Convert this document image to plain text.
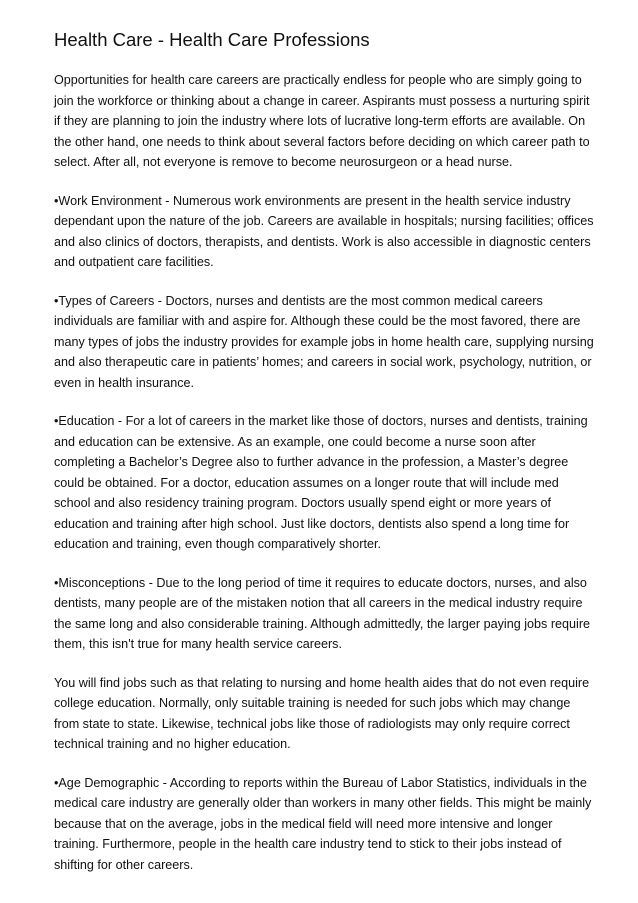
Health Care - Health Care Professions

Opportunities for health care careers are practically endless for people who are simply going to join the workforce or thinking about a change in career. Aspirants must possess a nurturing spirit if they are planning to join the industry where lots of lucrative long-term efforts are available. On the other hand, one needs to think about several factors before deciding on which career path to select. After all, not everyone is remove to become neurosurgeon or a head nurse.

•Work Environment - Numerous work environments are present in the health service industry dependant upon the nature of the job. Careers are available in hospitals; nursing facilities; offices and also clinics of doctors, therapists, and dentists. Work is also accessible in diagnostic centers and outpatient care facilities.

•Types of Careers - Doctors, nurses and dentists are the most common medical careers individuals are familiar with and aspire for. Although these could be the most favored, there are many types of jobs the industry provides for example jobs in home health care, supplying nursing and also therapeutic care in patients’ homes; and careers in social work, psychology, nutrition, or even in health insurance.

•Education - For a lot of careers in the market like those of doctors, nurses and dentists, training and education can be extensive. As an example, one could become a nurse soon after completing a Bachelor’s Degree also to further advance in the profession, a Master’s degree could be obtained. For a doctor, education assumes on a longer route that will include med school and also residency training program. Doctors usually spend eight or more years of education and training after high school. Just like doctors, dentists also spend a long time for education and training, even though comparatively shorter.

•Misconceptions - Due to the long period of time it requires to educate doctors, nurses, and also dentists, many people are of the mistaken notion that all careers in the medical industry require the same long and also considerable training. Although admittedly, the larger paying jobs require them, this isn't true for many health service careers.

You will find jobs such as that relating to nursing and home health aides that do not even require college education. Normally, only suitable training is needed for such jobs which may change from state to state. Likewise, technical jobs like those of radiologists may only require correct technical training and no higher education.

•Age Demographic - According to reports within the Bureau of Labor Statistics, individuals in the medical care industry are generally older than workers in many other fields. This might be mainly because that on the average, jobs in the medical field will need more intensive and longer training. Furthermore, people in the health care industry tend to stick to their jobs instead of shifting for other careers.
